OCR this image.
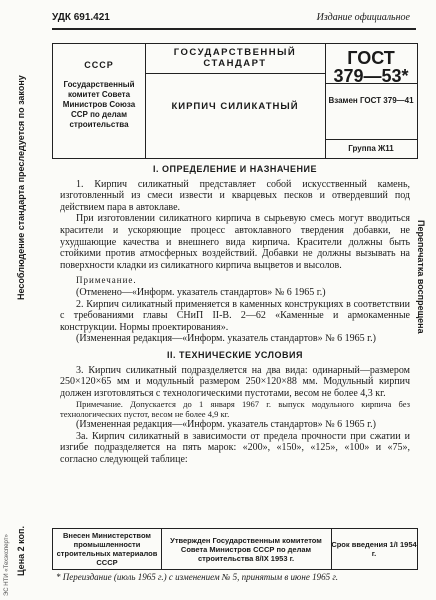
УДК 691.421	Издание официальное
СССР
Государственный комитет Совета Министров Союза ССР по делам строительства
ГОСУДАРСТВЕННЫЙ СТАНДАРТ
КИРПИЧ СИЛИКАТНЫЙ
ГОСТ
379—53*
Взамен ГОСТ 379—41
Группа Ж11

I. ОПРЕДЕЛЕНИЕ И НАЗНАЧЕНИЕ

1. Кирпич силикатный представляет собой искусственный камень, изготовленный из смеси извести и кварцевых песков и отвердевший под действием пара в автоклаве.

При изготовлении силикатного кирпича в сырьевую смесь могут вводиться красители и ускоряющие процесс автоклавного твердения добавки, не ухудшающие качества и внешнего вида кирпича. Красители должны быть стойкими против атмосферных воздействий. Добавки не должны вызывать на поверхности кладки из силикатного кирпича выцветов и высолов.

Примечание.

(Отменено—«Информ. указатель стандартов» № 6 1965 г.)

2. Кирпич силикатный применяется в каменных конструкциях в соответствии с требованиями главы СНиП II-В. 2—62 «Каменные и армокаменные конструкции. Нормы проектирования».

(Измененная редакция—«Информ. указатель стандартов» № 6 1965 г.)

II. ТЕХНИЧЕСКИЕ УСЛОВИЯ

3. Кирпич силикатный подразделяется на два вида: одинарный—размером 250×120×65 мм и модульный размером 250×120×88 мм. Модульный кирпич должен изготовляться с технологическими пустотами, весом не более 4,3 кг.

Примечание. Допускается до 1 января 1967 г. выпуск модульного кирпича без технологических пустот, весом не более 4,9 кг.

(Измененная редакция—«Информ. указатель стандартов» № 6 1965 г.)

3а. Кирпич силикатный в зависимости от предела прочности при сжатии и изгибе подразделяется на пять марок: «200», «150», «125», «100» и «75», согласно следующей таблице:

Несоблюдение стандарта преследуется по закону
Цена 2 коп.
Перепечатка воспрещена
ЭС НТИ «Техэксперт»	Внесен Министерством промышленности строительных материалов СССР
Утвержден Государственным комитетом Совета Министров СССР по делам строительства 8/IX 1953 г.
Срок введения 1/I 1954 г.
* Переиздание (июль 1965 г.) с изменением № 5, принятым в июне 1965 г.
